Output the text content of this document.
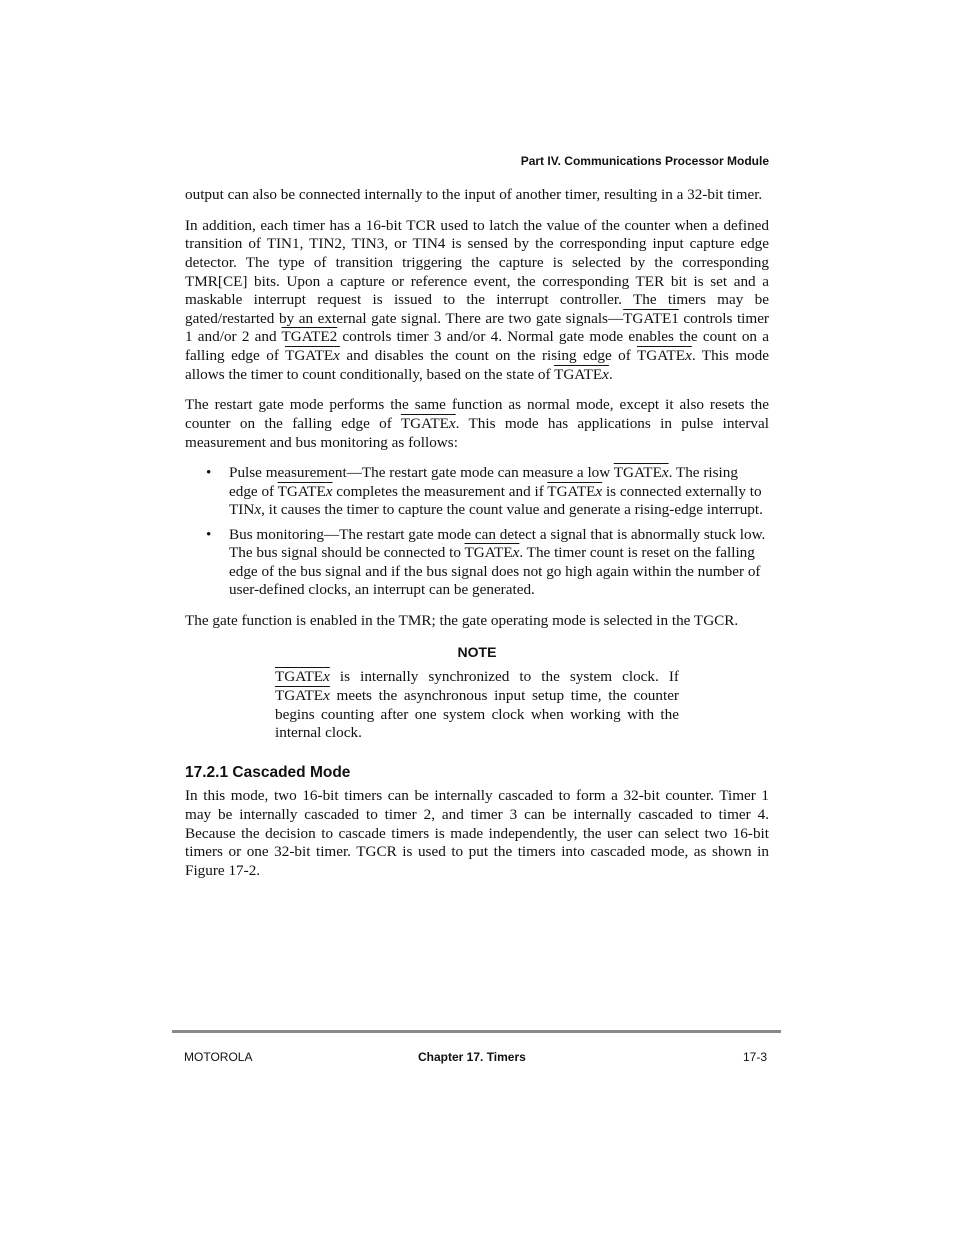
Part IV. Communications Processor Module

output can also be connected internally to the input of another timer, resulting in a 32-bit timer.

In addition, each timer has a 16-bit TCR used to latch the value of the counter when a defined transition of TIN1, TIN2, TIN3, or TIN4 is sensed by the corresponding input capture edge detector. The type of transition triggering the capture is selected by the corresponding TMR[CE] bits. Upon a capture or reference event, the corresponding TER bit is set and a maskable interrupt request is issued to the interrupt controller. The timers may be gated/restarted by an external gate signal. There are two gate signals—TGATE1 controls timer 1 and/or 2 and TGATE2 controls timer 3 and/or 4. Normal gate mode enables the count on a falling edge of TGATEx and disables the count on the rising edge of TGATEx. This mode allows the timer to count conditionally, based on the state of TGATEx.

The restart gate mode performs the same function as normal mode, except it also resets the counter on the falling edge of TGATEx. This mode has applications in pulse interval measurement and bus monitoring as follows:

• Pulse measurement—The restart gate mode can measure a low TGATEx. The rising edge of TGATEx completes the measurement and if TGATEx is connected externally to TINx, it causes the timer to capture the count value and generate a rising-edge interrupt.
• Bus monitoring—The restart gate mode can detect a signal that is abnormally stuck low. The bus signal should be connected to TGATEx. The timer count is reset on the falling edge of the bus signal and if the bus signal does not go high again within the number of user-defined clocks, an interrupt can be generated.

The gate function is enabled in the TMR; the gate operating mode is selected in the TGCR.

NOTE
TGATEx is internally synchronized to the system clock. If TGATEx meets the asynchronous input setup time, the counter begins counting after one system clock when working with the internal clock.
17.2.1 Cascaded Mode

In this mode, two 16-bit timers can be internally cascaded to form a 32-bit counter. Timer 1 may be internally cascaded to timer 2, and timer 3 can be internally cascaded to timer 4. Because the decision to cascade timers is made independently, the user can select two 16-bit timers or one 32-bit timer. TGCR is used to put the timers into cascaded mode, as shown in Figure 17-2.

MOTOROLA	Chapter 17. Timers	17-3
